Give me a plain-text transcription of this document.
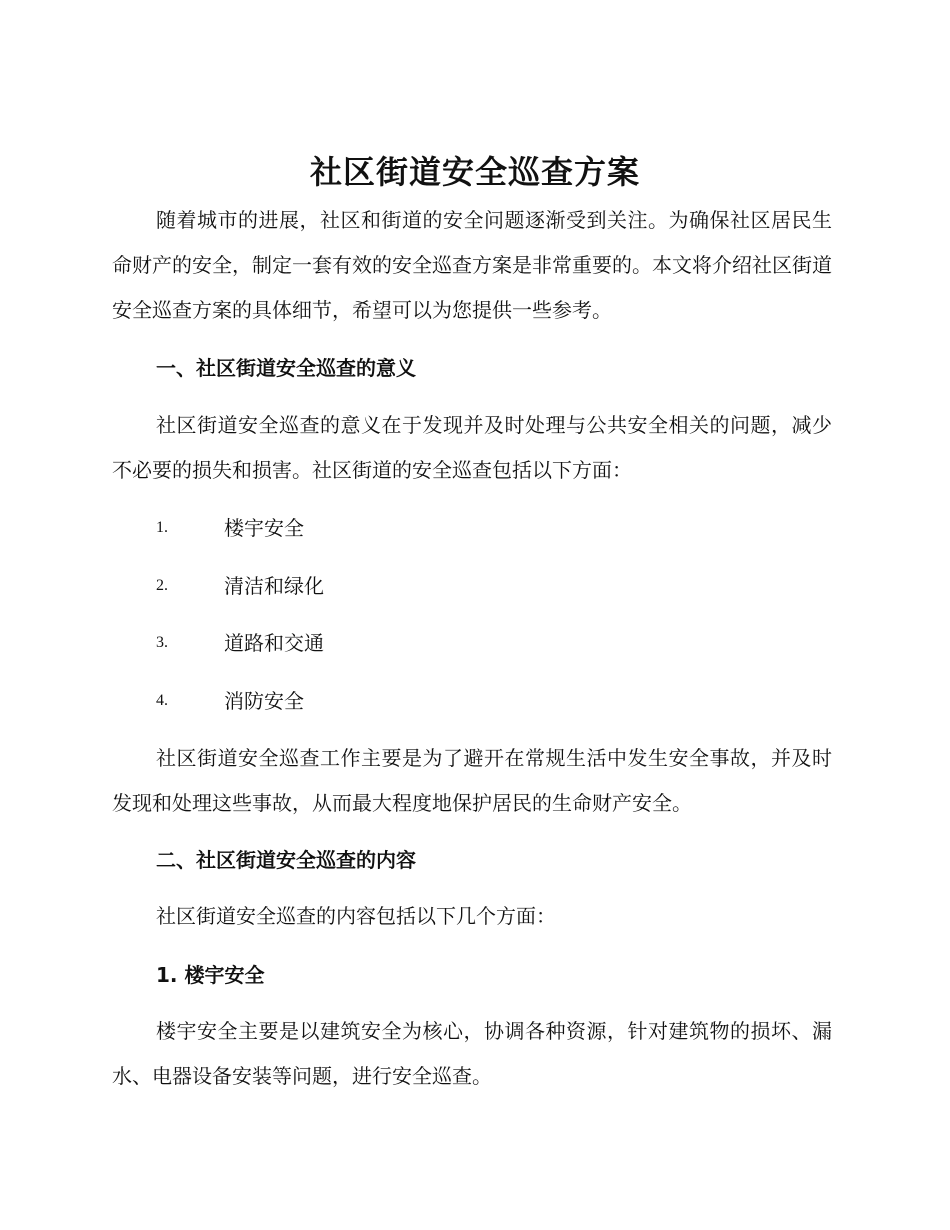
社区街道安全巡查方案

随着城市的进展，社区和街道的安全问题逐渐受到关注。为确保社区居民生命财产的安全，制定一套有效的安全巡查方案是非常重要的。本文将介绍社区街道安全巡查方案的具体细节，希望可以为您提供一些参考。

一、社区街道安全巡查的意义

社区街道安全巡查的意义在于发现并及时处理与公共安全相关的问题，减少不必要的损失和损害。社区街道的安全巡查包括以下方面：

1.	楼宇安全
2.	清洁和绿化
3.	道路和交通
4.	消防安全

社区街道安全巡查工作主要是为了避开在常规生活中发生安全事故，并及时发现和处理这些事故，从而最大程度地保护居民的生命财产安全。

二、社区街道安全巡查的内容

社区街道安全巡查的内容包括以下几个方面：

1. 楼宇安全

楼宇安全主要是以建筑安全为核心，协调各种资源，针对建筑物的损坏、漏水、电器设备安装等问题，进行安全巡查。
